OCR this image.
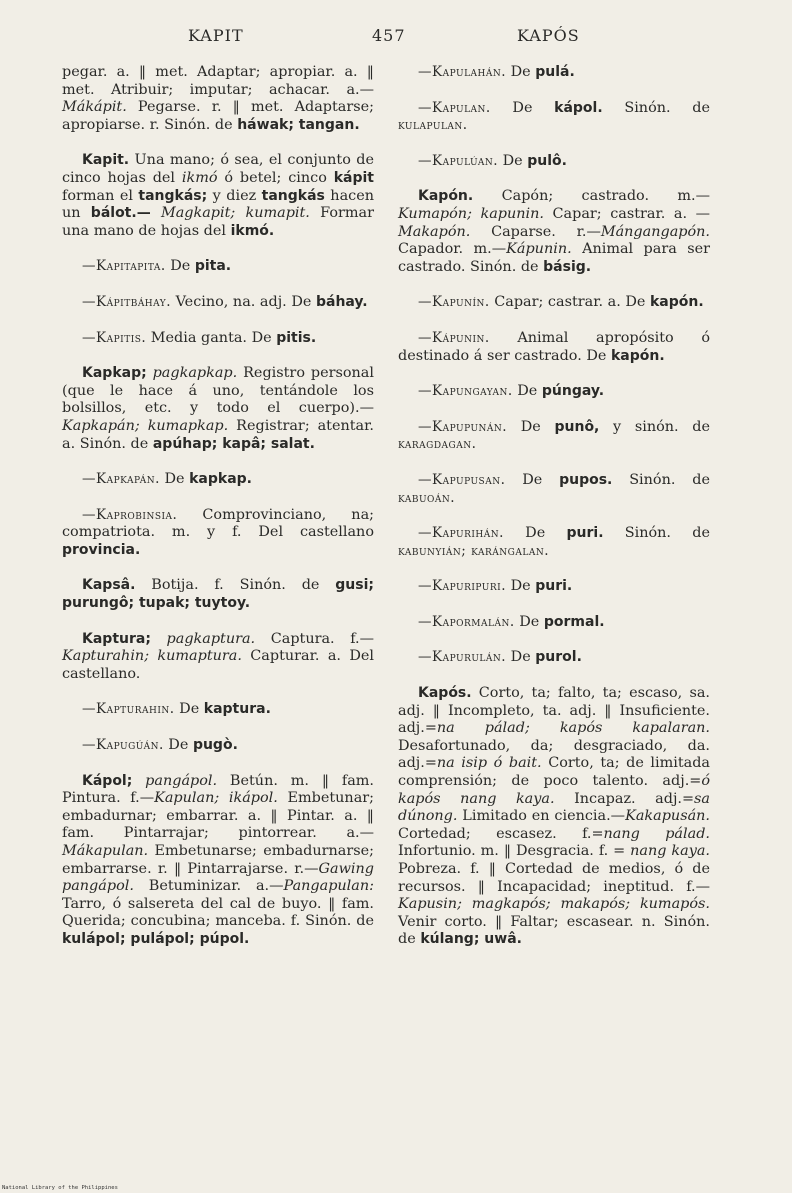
KAPIT	457	KAPÓS

pegar. a. ‖ met. Adaptar; apropiar. a. ‖ met. Atribuir; imputar; achacar. a.—Mákápit. Pegarse. r. ‖ met. Adaptarse; apropiarse. r. Sinón. de háwak; tangan.

Kapit. Una mano; ó sea, el conjunto de cinco hojas del ikmó ó betel; cinco kápit forman el tangkás; y diez tangkás hacen un bálot.— Magkapit; kumapit. Formar una mano de hojas del ikmó.

—Kapitapita. De pita.

—Kápitbáhay. Vecino, na. adj. De báhay.

—Kapitis. Media ganta. De pitis.

Kapkap; pagkapkap. Registro personal (que le hace á uno, tentándole los bolsillos, etc. y todo el cuerpo).—Kapkapán; kumapkap. Registrar; atentar. a. Sinón. de apúhap; kapâ; salat.

—Kapkapán. De kapkap.

—Kaprobinsia. Comprovinciano, na; compatriota. m. y f. Del castellano provincia.

Kapsâ. Botija. f. Sinón. de gusi; purungô; tupak; tuytoy.

Kaptura; pagkaptura. Captura. f.—Kapturahin; kumaptura. Capturar. a. Del castellano.

—Kapturahin. De kaptura.

—Kapugúán. De pugò.

Kápol; pangápol. Betún. m. ‖ fam. Pintura. f.—Kapulan; ikápol. Embetunar; embadurnar; embarrar. a. ‖ Pintar. a. ‖ fam. Pintarrajar; pintorrear. a.—Mákapulan. Embetunarse; embadurnarse; embarrarse. r. ‖ Pintarrajarse. r.—Gawing pangápol. Betuminizar. a.—Pangapulan: Tarro, ó salsereta del cal de buyo. ‖ fam. Querida; concubina; manceba. f. Sinón. de kulápol; pulápol; púpol.

—Kapulahán. De pulá.

—Kapulan. De kápol. Sinón. de kulapulan.

—Kapulúan. De pulô.

Kapón. Capón; castrado. m.—Kumapón; kapunin. Capar; castrar. a. —Makapón. Caparse. r.—Mángangapón. Capador. m.—Kápunin. Animal para ser castrado. Sinón. de básig.

—Kapunín. Capar; castrar. a. De kapón.

—Kápunin. Animal apropósito ó destinado á ser castrado. De kapón.

—Kapungayan. De púngay.

—Kapupunán. De punô, y sinón. de karagdagan.

—Kapupusan. De pupos. Sinón. de kabuoán.

—Kapurihán. De puri. Sinón. de kabunyián; karángalan.

—Kapuripuri. De puri.

—Kapormalán. De pormal.

—Kapurulán. De purol.

Kapós. Corto, ta; falto, ta; escaso, sa. adj. ‖ Incompleto, ta. adj. ‖ Insuficiente. adj.=na pálad; kapós kapalaran. Desafortunado, da; desgraciado, da. adj.=na isip ó bait. Corto, ta; de limitada comprensión; de poco talento. adj.=ó kapós nang kaya. Incapaz. adj.=sa dúnong. Limitado en ciencia.—Kakapusán. Cortedad; escasez. f.=nang pálad. Infortunio. m. ‖ Desgracia. f. = nang kaya. Pobreza. f. ‖ Cortedad de medios, ó de recursos. ‖ Incapacidad; ineptitud. f.—Kapusin; magkapós; makapós; kumapós. Venir corto. ‖ Faltar; escasear. n. Sinón. de kúlang; uwâ.

National Library of the Philippines
